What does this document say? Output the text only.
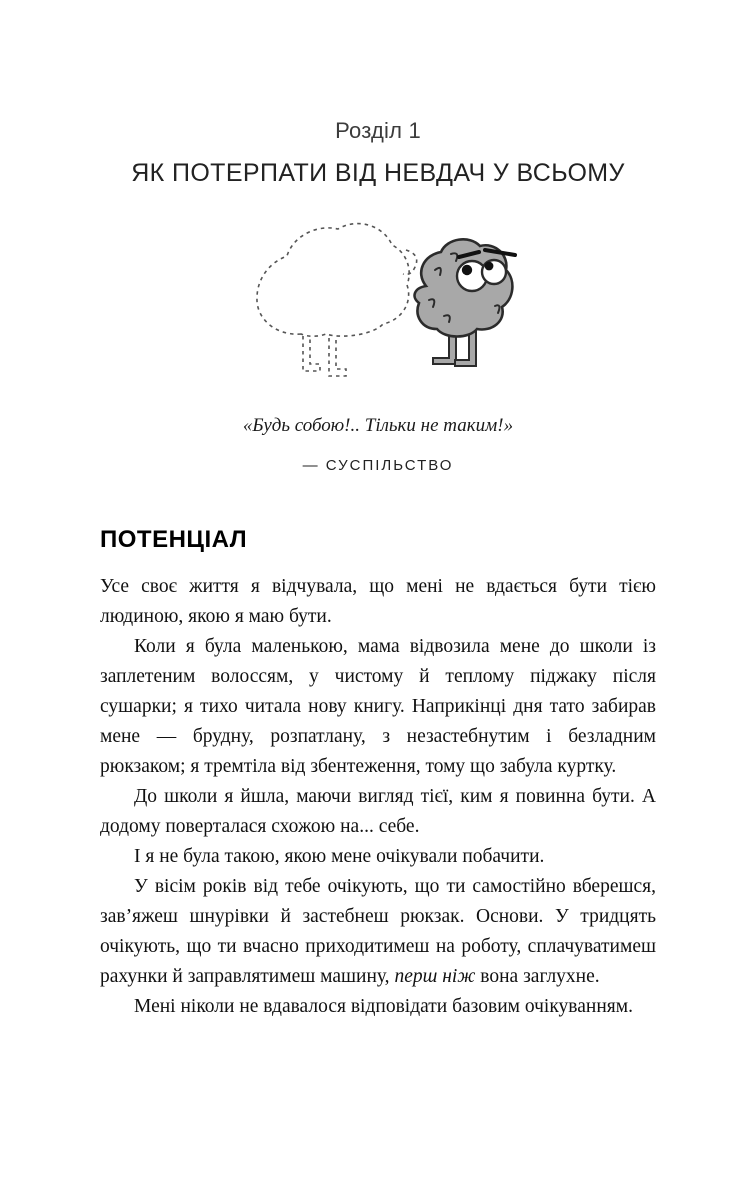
Розділ 1
ЯК ПОТЕРПАТИ ВІД НЕВДАЧ У ВСЬОМУ
«Будь собою!.. Тільки не таким!»
— СУСПІЛЬСТВО
ПОТЕНЦІАЛ

Усе своє життя я відчувала, що мені не вдається бути тією людиною, якою я маю бути.

Коли я була маленькою, мама відвозила мене до школи із заплетеним волоссям, у чистому й теплому піджаку після сушарки; я тихо читала нову книгу. Наприкінці дня тато забирав мене — брудну, розпатлану, з незастебнутим і безладним рюкзаком; я тремтіла від збентеження, тому що забула куртку.

До школи я йшла, маючи вигляд тієї, ким я повинна бути. А додому поверталася схожою на... себе.

І я не була такою, якою мене очікували побачити.

У вісім років від тебе очікують, що ти самостійно вберешся, зав’яжеш шнурівки й застебнеш рюкзак. Основи. У тридцять очікують, що ти вчасно приходитимеш на роботу, сплачуватимеш рахунки й заправлятимеш машину, перш ніж вона заглухне.

Мені ніколи не вдавалося відповідати базовим очікуванням.
